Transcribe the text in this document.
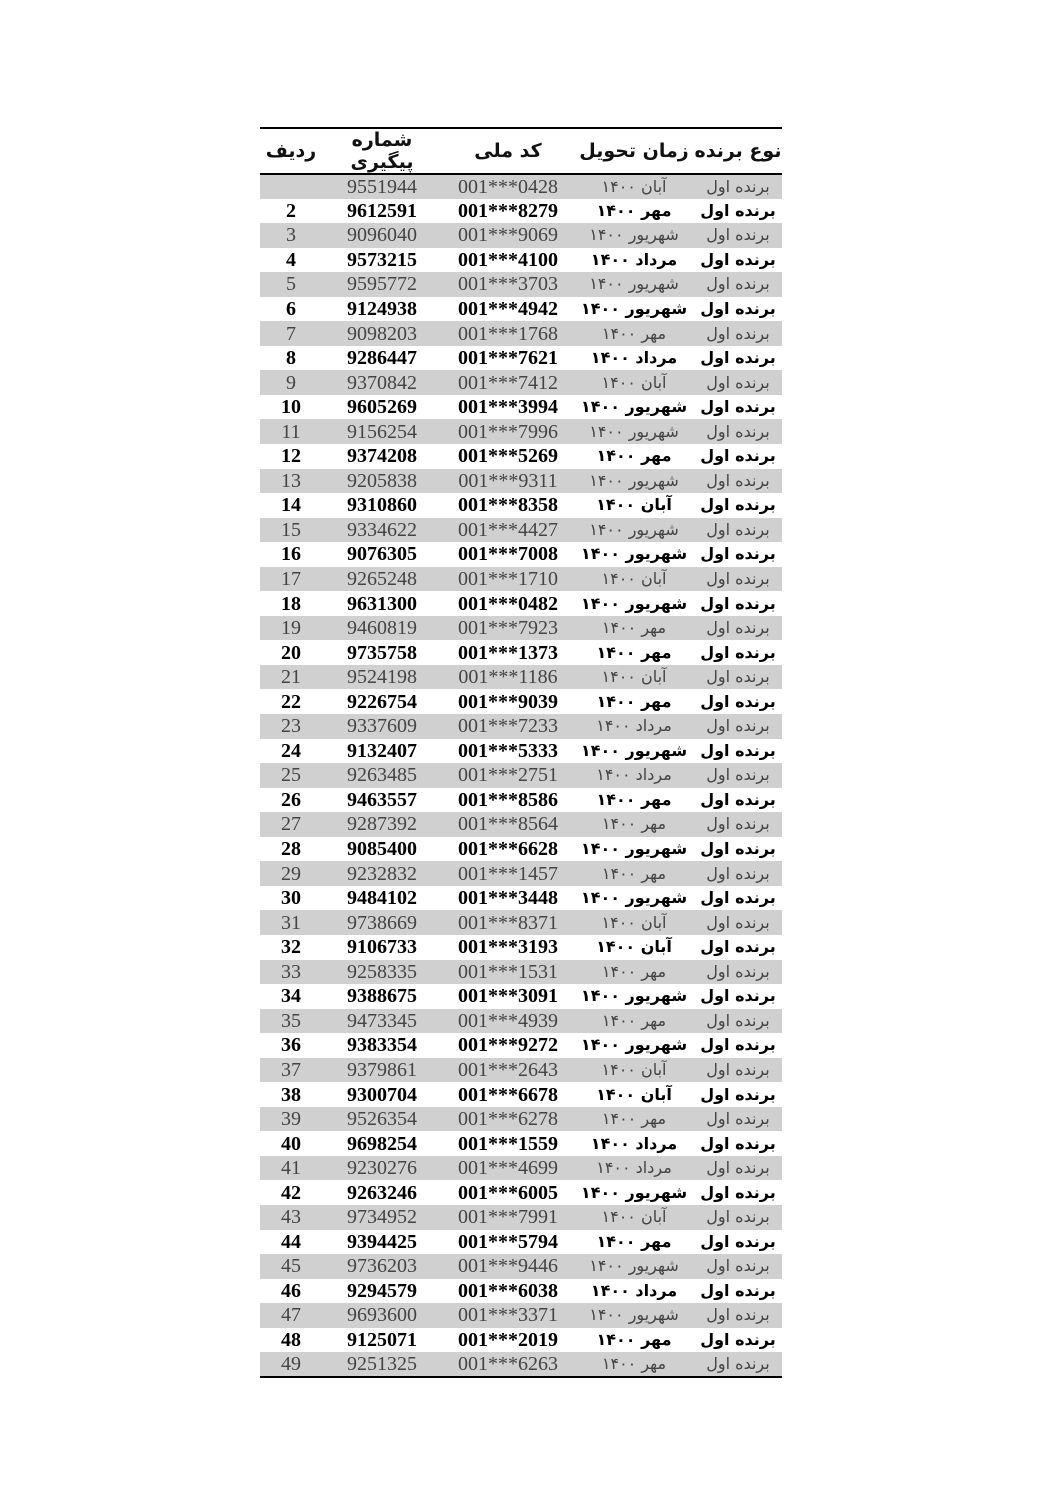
ردیف	شماره پیگیری	کد ملی	زمان تحویل	نوع برنده
	9551944	001***0428	آبان ۱۴۰۰	برنده اول
2	9612591	001***8279	مهر ۱۴۰۰	برنده اول
3	9096040	001***9069	شهریور ۱۴۰۰	برنده اول
4	9573215	001***4100	مرداد ۱۴۰۰	برنده اول
5	9595772	001***3703	شهریور ۱۴۰۰	برنده اول
6	9124938	001***4942	شهریور ۱۴۰۰	برنده اول
7	9098203	001***1768	مهر ۱۴۰۰	برنده اول
8	9286447	001***7621	مرداد ۱۴۰۰	برنده اول
9	9370842	001***7412	آبان ۱۴۰۰	برنده اول
10	9605269	001***3994	شهریور ۱۴۰۰	برنده اول
11	9156254	001***7996	شهریور ۱۴۰۰	برنده اول
12	9374208	001***5269	مهر ۱۴۰۰	برنده اول
13	9205838	001***9311	شهریور ۱۴۰۰	برنده اول
14	9310860	001***8358	آبان ۱۴۰۰	برنده اول
15	9334622	001***4427	شهریور ۱۴۰۰	برنده اول
16	9076305	001***7008	شهریور ۱۴۰۰	برنده اول
17	9265248	001***1710	آبان ۱۴۰۰	برنده اول
18	9631300	001***0482	شهریور ۱۴۰۰	برنده اول
19	9460819	001***7923	مهر ۱۴۰۰	برنده اول
20	9735758	001***1373	مهر ۱۴۰۰	برنده اول
21	9524198	001***1186	آبان ۱۴۰۰	برنده اول
22	9226754	001***9039	مهر ۱۴۰۰	برنده اول
23	9337609	001***7233	مرداد ۱۴۰۰	برنده اول
24	9132407	001***5333	شهریور ۱۴۰۰	برنده اول
25	9263485	001***2751	مرداد ۱۴۰۰	برنده اول
26	9463557	001***8586	مهر ۱۴۰۰	برنده اول
27	9287392	001***8564	مهر ۱۴۰۰	برنده اول
28	9085400	001***6628	شهریور ۱۴۰۰	برنده اول
29	9232832	001***1457	مهر ۱۴۰۰	برنده اول
30	9484102	001***3448	شهریور ۱۴۰۰	برنده اول
31	9738669	001***8371	آبان ۱۴۰۰	برنده اول
32	9106733	001***3193	آبان ۱۴۰۰	برنده اول
33	9258335	001***1531	مهر ۱۴۰۰	برنده اول
34	9388675	001***3091	شهریور ۱۴۰۰	برنده اول
35	9473345	001***4939	مهر ۱۴۰۰	برنده اول
36	9383354	001***9272	شهریور ۱۴۰۰	برنده اول
37	9379861	001***2643	آبان ۱۴۰۰	برنده اول
38	9300704	001***6678	آبان ۱۴۰۰	برنده اول
39	9526354	001***6278	مهر ۱۴۰۰	برنده اول
40	9698254	001***1559	مرداد ۱۴۰۰	برنده اول
41	9230276	001***4699	مرداد ۱۴۰۰	برنده اول
42	9263246	001***6005	شهریور ۱۴۰۰	برنده اول
43	9734952	001***7991	آبان ۱۴۰۰	برنده اول
44	9394425	001***5794	مهر ۱۴۰۰	برنده اول
45	9736203	001***9446	شهریور ۱۴۰۰	برنده اول
46	9294579	001***6038	مرداد ۱۴۰۰	برنده اول
47	9693600	001***3371	شهریور ۱۴۰۰	برنده اول
48	9125071	001***2019	مهر ۱۴۰۰	برنده اول
49	9251325	001***6263	مهر ۱۴۰۰	برنده اول
